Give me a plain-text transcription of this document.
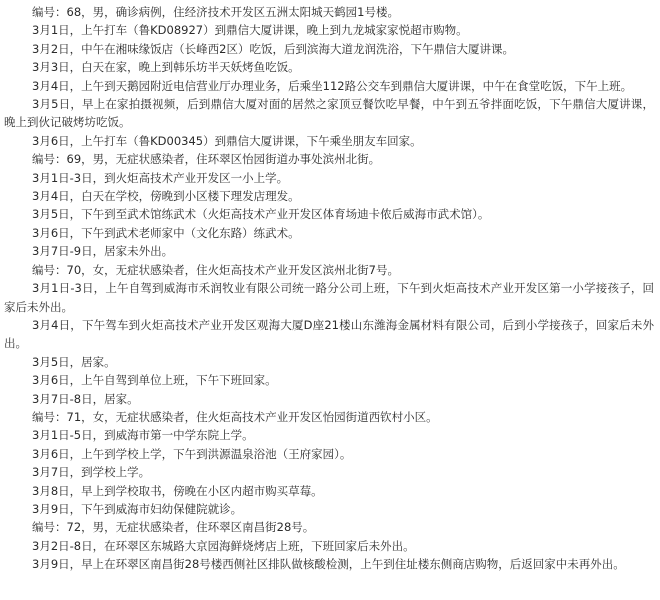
编号：68，男，确诊病例，住经济技术开发区五洲太阳城天鹤园1号楼。

3月1日，上午打车（鲁KD08927）到鼎信大厦讲课，晚上到九龙城家家悦超市购物。

3月2日，中午在湘味缘饭店（长峰西2区）吃饭，后到滨海大道龙润洗浴，下午鼎信大厦讲课。

3月3日，白天在家，晚上到韩乐坊半天妖烤鱼吃饭。

3月4日，上午到天鹅园附近电信营业厅办理业务，后乘坐112路公交车到鼎信大厦讲课，中午在食堂吃饭，下午上班。

3月5日，早上在家拍摄视频，后到鼎信大厦对面的居然之家顶豆餐饮吃早餐，中午到五爷拌面吃饭，下午鼎信大厦讲课，晚上到伙记破烤坊吃饭。

3月6日，上午打车（鲁KD00345）到鼎信大厦讲课，下午乘坐朋友车回家。

编号：69，男，无症状感染者，住环翠区怡园街道办事处滨州北街。

3月1日-3日，到火炬高技术产业开发区一小上学。

3月4日，白天在学校，傍晚到小区楼下理发店理发。

3月5日，下午到至武术馆练武术（火炬高技术产业开发区体育场迪卡侬后威海市武术馆）。

3月6日，下午到武术老师家中（文化东路）练武术。

3月7日-9日，居家未外出。

编号：70，女，无症状感染者，住火炬高技术产业开发区滨州北街7号。

3月1日-3日，上午自驾到威海市禾润牧业有限公司统一路分公司上班，下午到火炬高技术产业开发区第一小学接孩子，回家后未外出。

3月4日，下午驾车到火炬高技术产业开发区观海大厦D座21楼山东潍海金属材料有限公司，后到小学接孩子，回家后未外出。

3月5日，居家。

3月6日，上午自驾到单位上班，下午下班回家。

3月7日-8日，居家。

编号：71，女，无症状感染者，住火炬高技术产业开发区怡园街道西钦村小区。

3月1日-5日，到威海市第一中学东院上学。

3月6日，上午到学校上学，下午到洪源温泉浴池（王府家园）。

3月7日，到学校上学。

3月8日，早上到学校取书，傍晚在小区内超市购买草莓。

3月9日，下午到威海市妇幼保健院就诊。

编号：72，男，无症状感染者，住环翠区南昌街28号。

3月2日-8日，在环翠区东城路大京园海鲜烧烤店上班，下班回家后未外出。

3月9日，早上在环翠区南昌街28号楼西侧社区排队做核酸检测，上午到住址楼东侧商店购物，后返回家中未再外出。
